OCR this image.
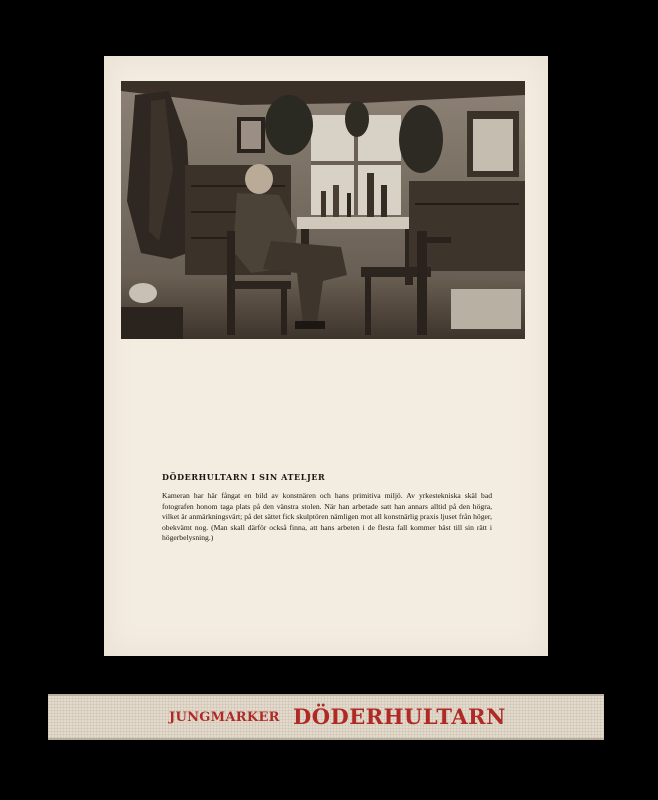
DÖDERHULTARN I SIN ATELJER

Kameran har här fångat en bild av konstnären och hans primitiva miljö. Av yrkestekniska skäl bad fotografen honom taga plats på den vänstra stolen. När han arbetade satt han annars alltid på den högra, vilket är anmärkningsvärt; på det sättet fick skulptören nämligen mot all konstnärlig praxis ljuset från höger, obekvämt nog. (Man skall därför också finna, att hans arbeten i de flesta fall kommer bäst till sin rätt i högerbelysning.)

JUNGMARKER DÖDERHULTARN
